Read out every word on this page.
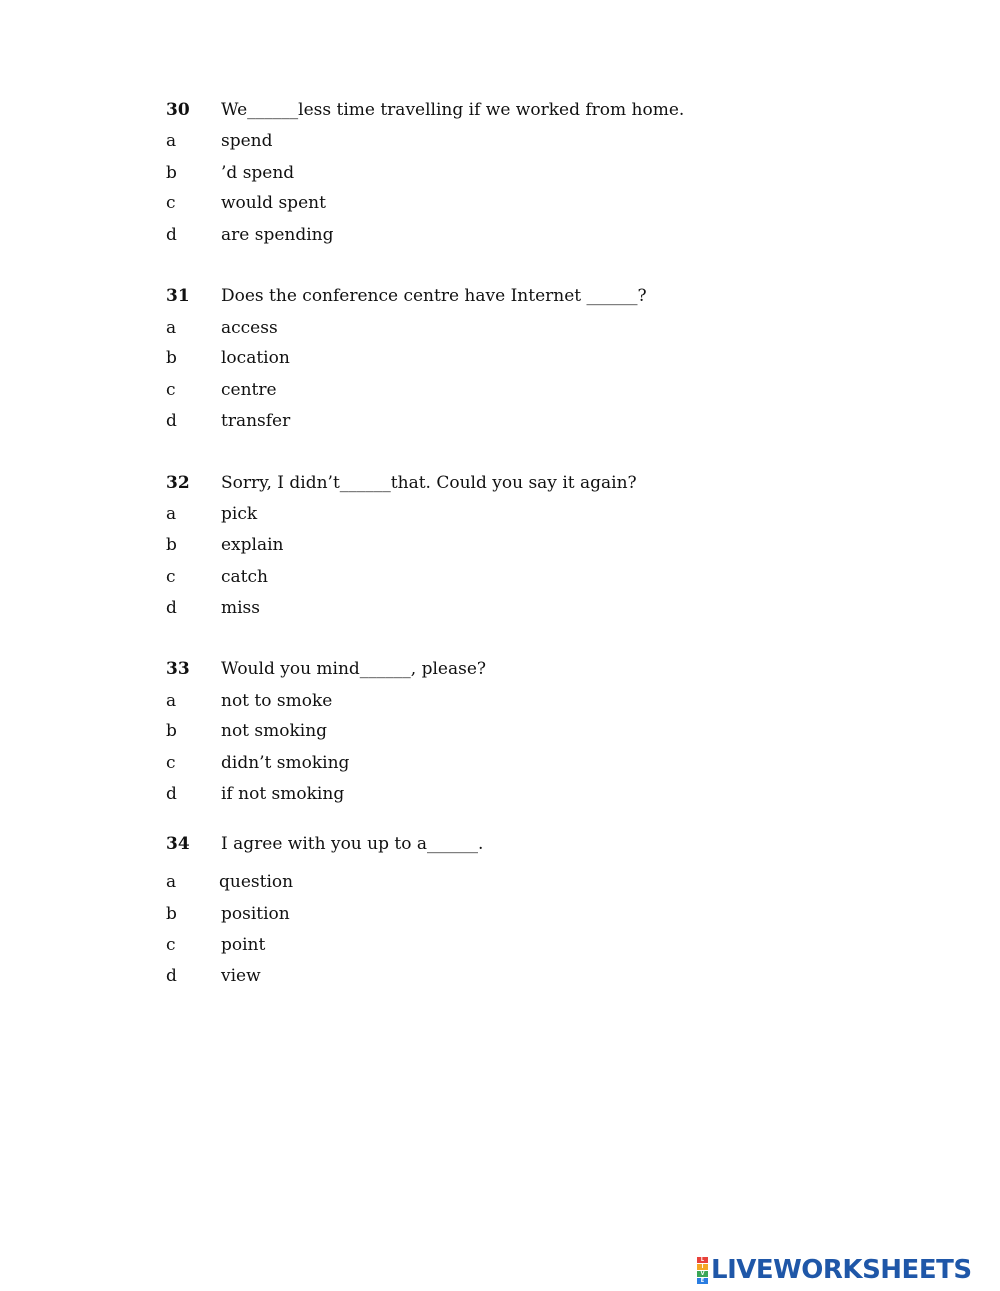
30 We______less time travelling if we worked from home.
a	spend
b	’d spend
c	would spent
d	are spending
31 Does the conference centre have Internet ______?
a	access
b	location
c	centre
d	transfer
32 Sorry, I didn’t______that. Could you say it again?
a	pick
b	explain
c	catch
d	miss
33 Would you mind______, please?
a	not to smoke
b	not smoking
c	didn’t smoking
d	if not smoking
34 I agree with you up to a______.
a	question
b	position
c	point
d	view
L
I
V
E LIVEWORKSHEETS
